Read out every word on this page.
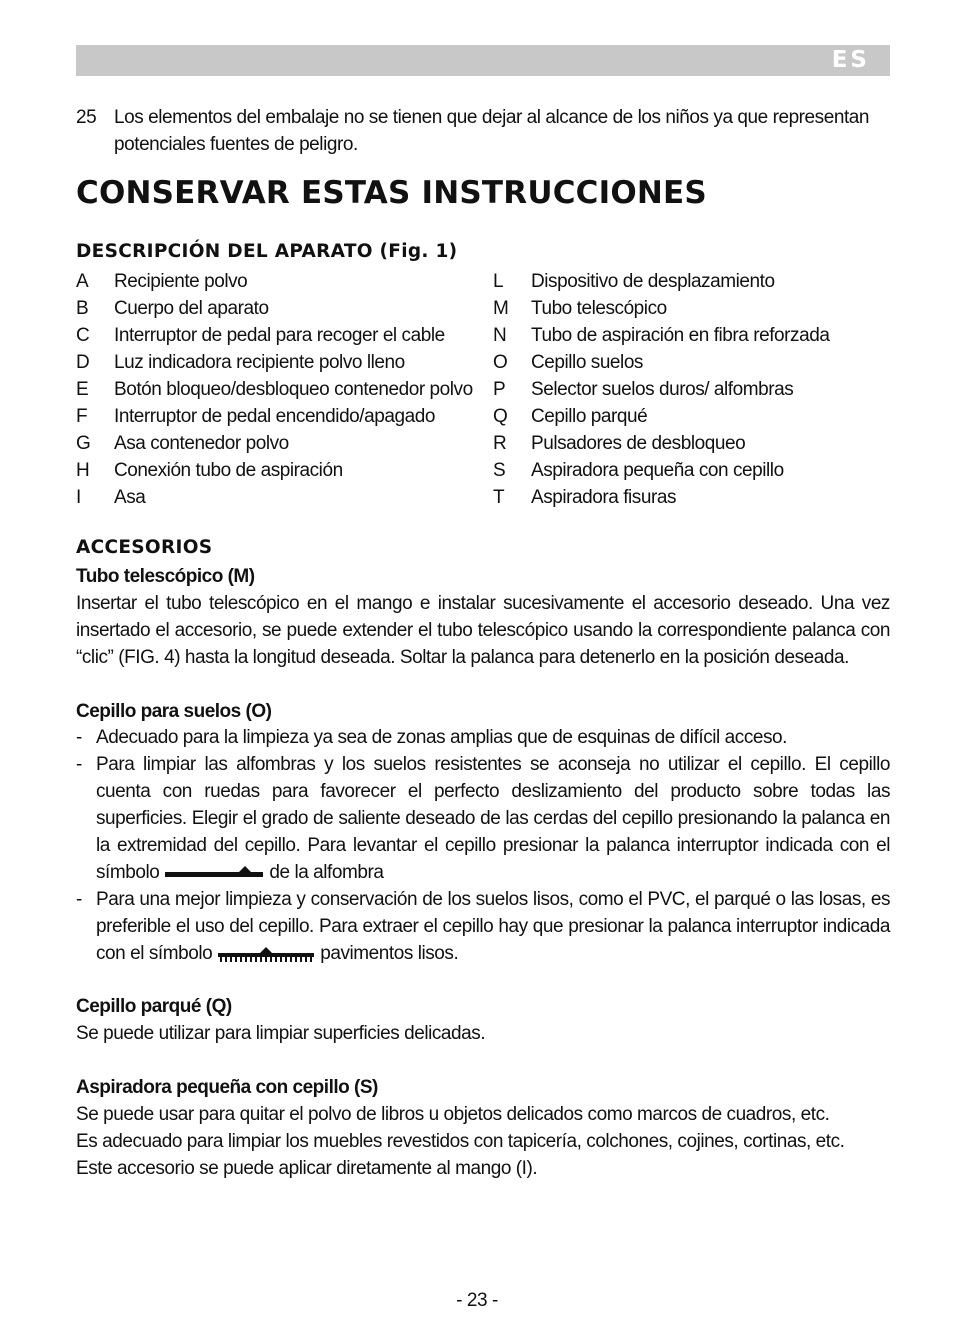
ES
25 Los elementos del embalaje no se tienen que dejar al alcance de los niños ya que representan potenciales fuentes de peligro.
CONSERVAR ESTAS INSTRUCCIONES
DESCRIPCIÓN DEL APARATO (Fig. 1)
A Recipiente polvo
B Cuerpo del aparato
C Interruptor de pedal para recoger el cable
D Luz indicadora recipiente polvo lleno
E Botón bloqueo/desbloqueo contenedor polvo
F Interruptor de pedal encendido/apagado
G Asa contenedor polvo
H Conexión tubo de aspiración
I Asa
L Dispositivo de desplazamiento
M Tubo telescópico
N Tubo de aspiración en fibra reforzada
O Cepillo suelos
P Selector suelos duros/ alfombras
Q Cepillo parqué
R Pulsadores de desbloqueo
S Aspiradora pequeña con cepillo
T Aspiradora fisuras
ACCESORIOS
Tubo telescópico (M)

Insertar el tubo telescópico en el mango e instalar sucesivamente el accesorio deseado. Una vez insertado el accesorio, se puede extender el tubo telescópico usando la correspondiente palanca con “clic” (FIG. 4) hasta la longitud deseada. Soltar la palanca para detenerlo en la posición deseada.

Cepillo para suelos (O)
- Adecuado para la limpieza ya sea de zonas amplias que de esquinas de difícil acceso.
- Para limpiar las alfombras y los suelos resistentes se aconseja no utilizar el cepillo. El cepillo cuenta con ruedas para favorecer el perfecto deslizamiento del producto sobre todas las superficies. Elegir el grado de saliente deseado de las cerdas del cepillo presionando la palanca en la extremidad del cepillo. Para levantar el cepillo presionar la palanca interruptor indicada con el símbolo	de la alfombra
- Para una mejor limpieza y conservación de los suelos lisos, como el PVC, el parqué o las losas, es preferible el uso del cepillo. Para extraer el cepillo hay que presionar la palanca interruptor indicada con el símbolo	pavimentos lisos.
Cepillo parqué (Q)

Se puede utilizar para limpiar superficies delicadas.

Aspiradora pequeña con cepillo (S)

Se puede usar para quitar el polvo de libros u objetos delicados como marcos de cuadros, etc.

Es adecuado para limpiar los muebles revestidos con tapicería, colchones, cojines, cortinas, etc.

Este accesorio se puede aplicar diretamente al mango (I).

- 23 -
